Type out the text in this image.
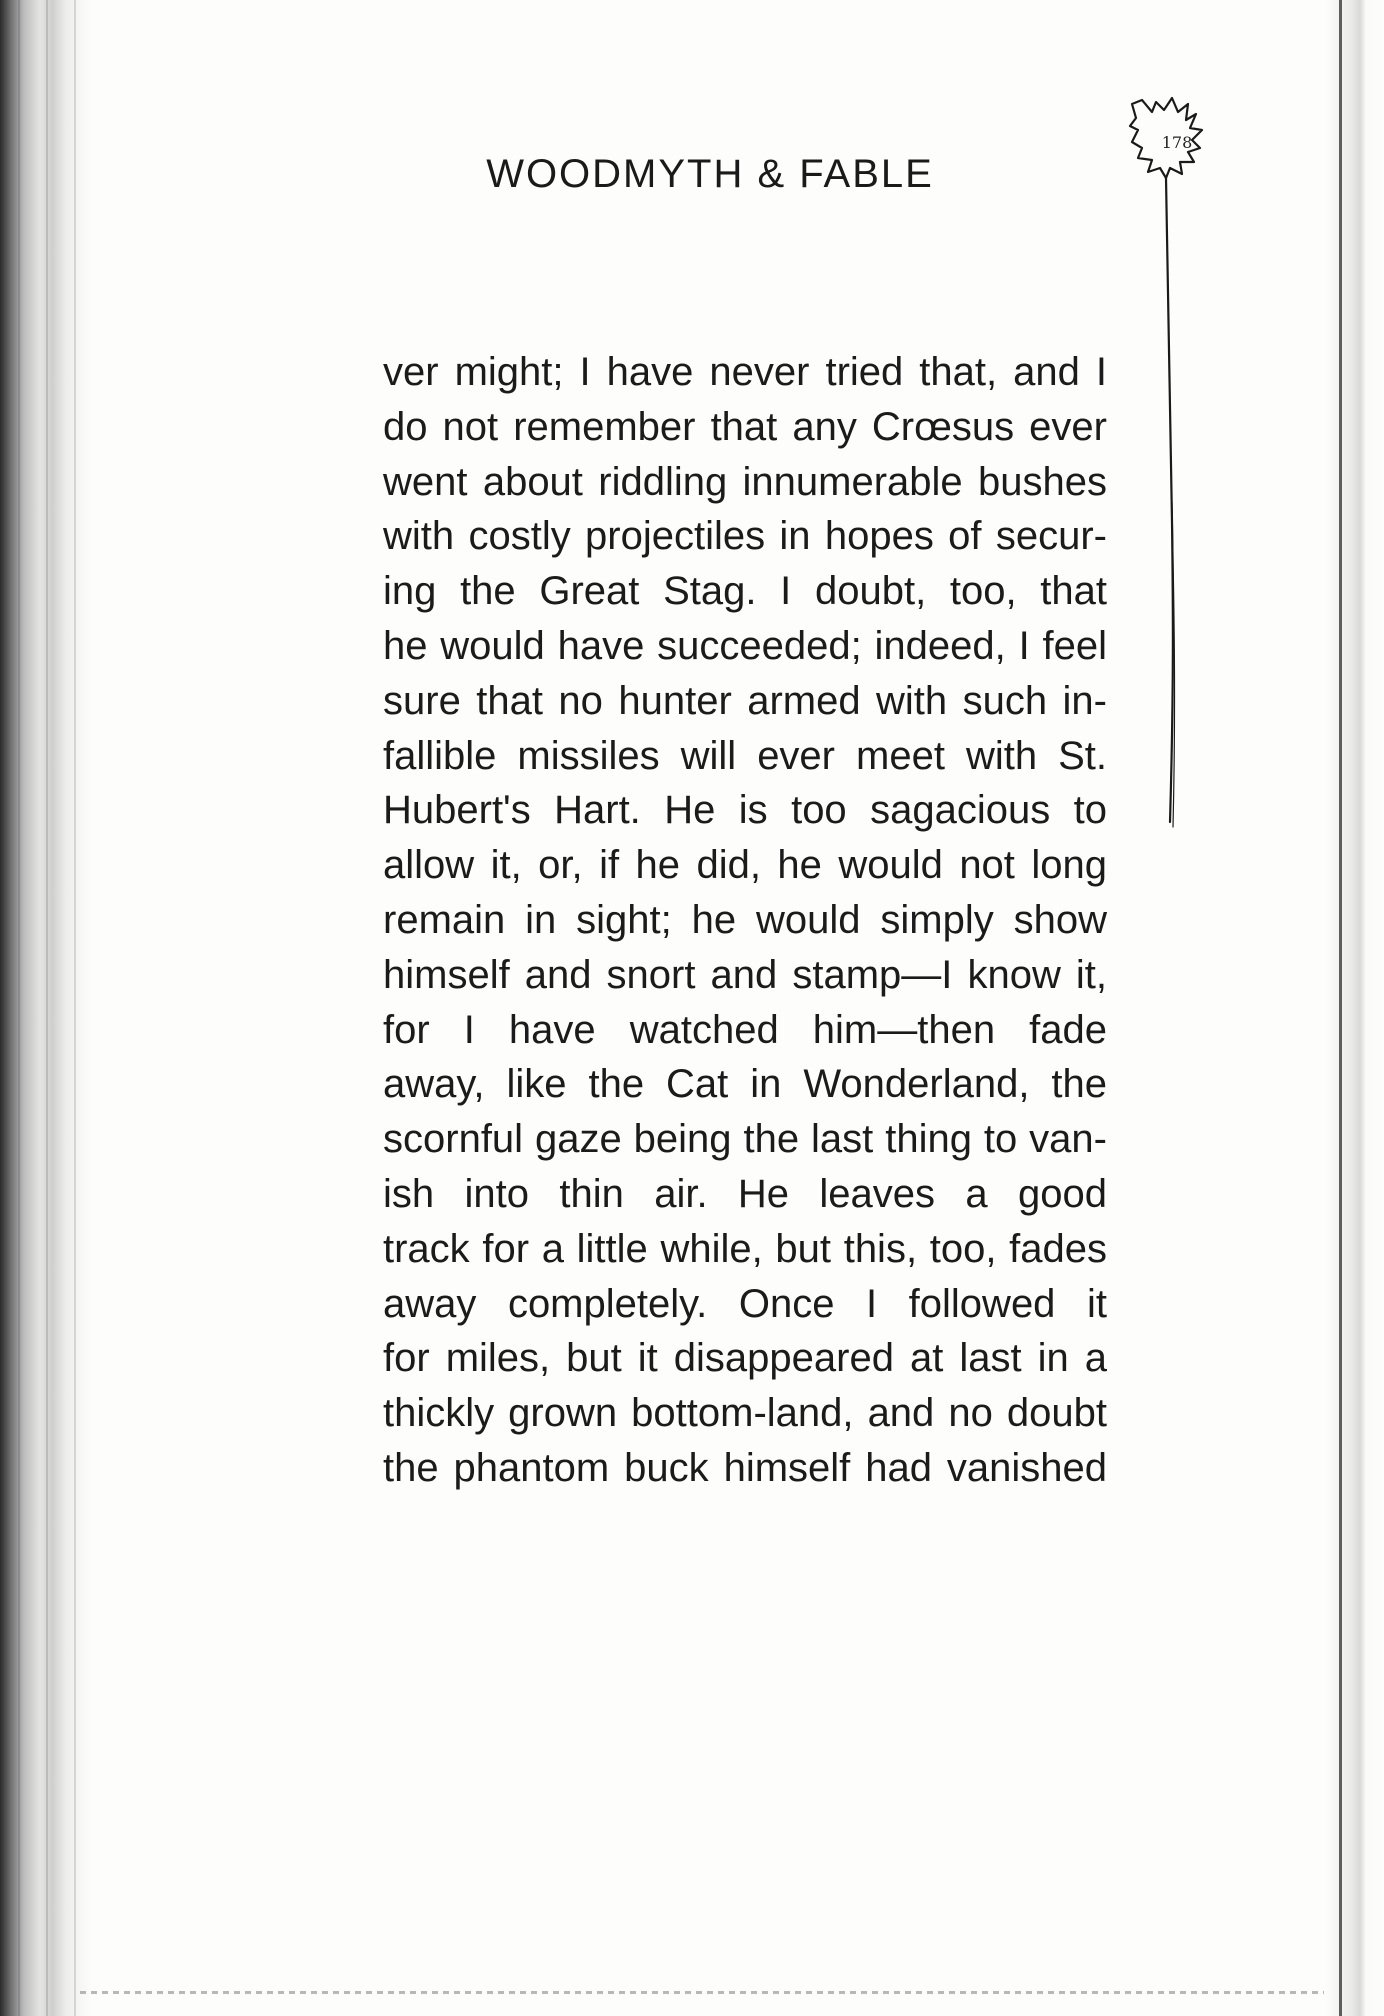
WOODMYTH & FABLE
178
ver might; I have never tried that, and I
do not remember that any Crœsus ever
went about riddling innumerable bushes
with costly projectiles in hopes of secur-
ing the Great Stag. I doubt, too, that
he would have succeeded; indeed, I feel
sure that no hunter armed with such in-
fallible missiles will ever meet with St.
Hubert's Hart. He is too sagacious to
allow it, or, if he did, he would not long
remain in sight; he would simply show
himself and snort and stamp—I know it,
for I have watched him—then fade
away, like the Cat in Wonderland, the
scornful gaze being the last thing to van-
ish into thin air. He leaves a good
track for a little while, but this, too, fades
away completely. Once I followed it
for miles, but it disappeared at last in a
thickly grown bottom-land, and no doubt
the phantom buck himself had vanished
